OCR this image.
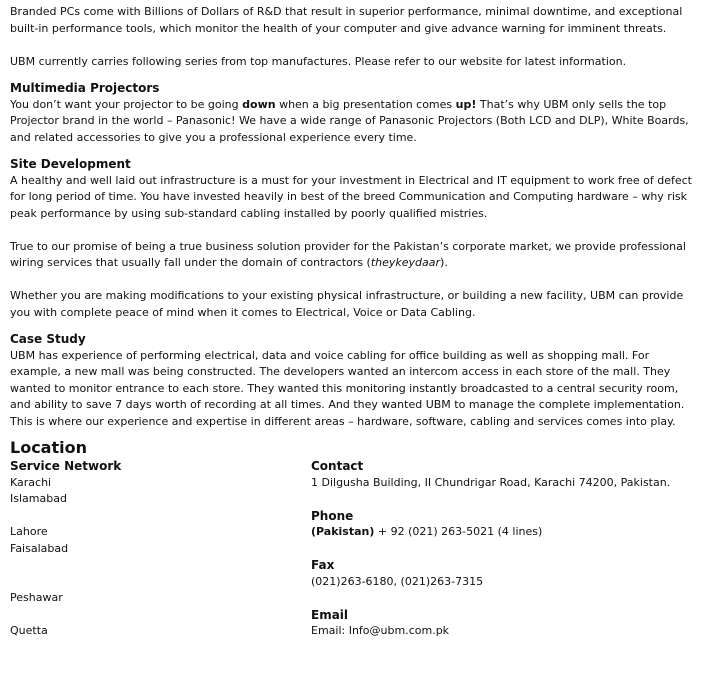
Branded PCs come with Billions of Dollars of R&D that result in superior performance, minimal downtime, and exceptional built-in performance tools, which monitor the health of your computer and give advance warning for imminent threats.

UBM currently carries following series from top manufactures. Please refer to our website for latest information.

Multimedia Projectors

You don’t want your projector to be going down when a big presentation comes up! That’s why UBM only sells the top Projector brand in the world – Panasonic! We have a wide range of Panasonic Projectors (Both LCD and DLP), White Boards, and related accessories to give you a professional experience every time.

Site Development

A healthy and well laid out infrastructure is a must for your investment in Electrical and IT equipment to work free of defect for long period of time. You have invested heavily in best of the breed Communication and Computing hardware – why risk peak performance by using sub-standard cabling installed by poorly qualified mistries.

True to our promise of being a true business solution provider for the Pakistan’s corporate market, we provide professional wiring services that usually fall under the domain of contractors (theykeydaar).

Whether you are making modifications to your existing physical infrastructure, or building a new facility, UBM can provide you with complete peace of mind when it comes to Electrical, Voice or Data Cabling.

Case Study

UBM has experience of performing electrical, data and voice cabling for office building as well as shopping mall. For example, a new mall was being constructed. The developers wanted an intercom access in each store of the mall. They wanted to monitor entrance to each store. They wanted this monitoring instantly broadcasted to a central security room, and ability to save 7 days worth of recording at all times. And they wanted UBM to manage the complete implementation. This is where our experience and expertise in different areas – hardware, software, cabling and services comes into play.

Location
Service Network
Karachi
Islamabad

Lahore
Faisalabad

Peshawar

Quetta
Contact
1 Dilgusha Building, II Chundrigar Road, Karachi 74200, Pakistan.

Phone
(Pakistan) + 92 (021) 263-5021 (4 lines)

Fax
(021)263-6180, (021)263-7315

Email
Email: Info@ubm.com.pk
